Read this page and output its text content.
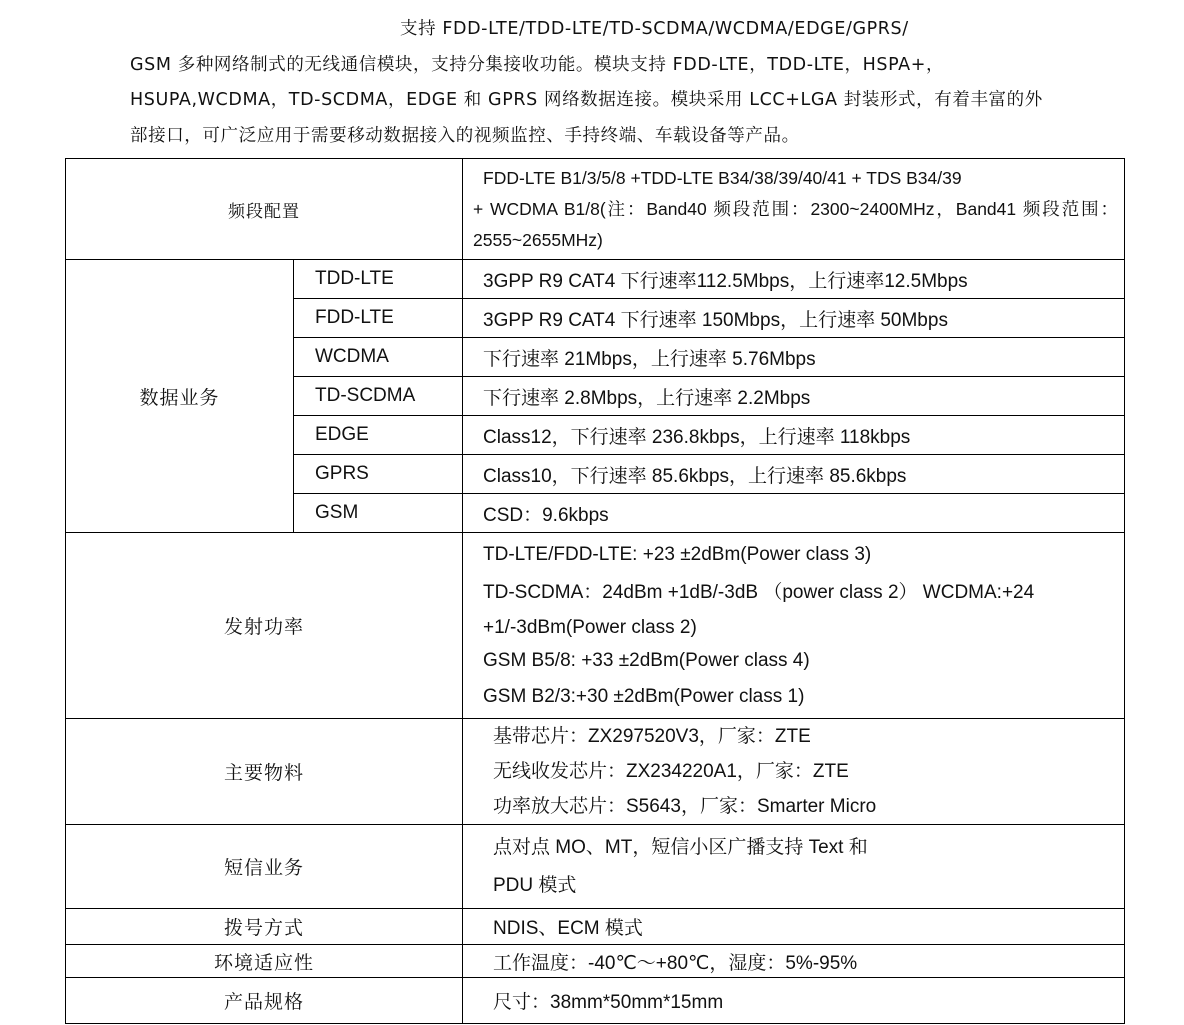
支持 FDD-LTE/TDD-LTE/TD-SCDMA/WCDMA/EDGE/GPRS/
GSM 多种网络制式的无线通信模块，支持分集接收功能。模块支持 FDD-LTE，TDD-LTE，HSPA+，
HSUPA,WCDMA，TD-SCDMA，EDGE 和 GPRS 网络数据连接。模块采用 LCC+LGA 封装形式，有着丰富的外
部接口，可广泛应用于需要移动数据接入的视频监控、手持终端、车载设备等产品。
频段配置		FDD-LTE B1/3/5/8 +TDD-LTE B34/38/39/40/41 + TDS B34/39
+ WCDMA B1/8(注：Band40 频段范围：2300~2400MHz，Band41 频段范围：2555~2655MHz)

数据业务	TDD-LTE	3GPP R9 CAT4 下行速率112.5Mbps，上行速率12.5Mbps
	FDD-LTE	3GPP R9 CAT4 下行速率 150Mbps，上行速率 50Mbps
	WCDMA	下行速率 21Mbps，上行速率 5.76Mbps
	TD-SCDMA	下行速率 2.8Mbps，上行速率 2.2Mbps
	EDGE	Class12，下行速率 236.8kbps，上行速率 118kbps
	GPRS	Class10，下行速率 85.6kbps，上行速率 85.6kbps
	GSM	CSD：9.6kbps
发射功率		TD-LTE/FDD-LTE: +23 ±2dBm(Power class 3)
TD-SCDMA：24dBm +1dB/-3dB （power class 2） WCDMA:+24
+1/-3dBm(Power class 2)
GSM B5/8: +33 ±2dBm(Power class 4)
GSM B2/3:+30 ±2dBm(Power class 1)

主要物料		基带芯片：ZX297520V3，厂家：ZTE
无线收发芯片：ZX234220A1，厂家：ZTE
功率放大芯片：S5643，厂家：Smarter Micro

短信业务		点对点 MO、MT，短信小区广播支持 Text 和
PDU 模式

拨号方式		NDIS、ECM 模式
环境适应性		工作温度：-40℃～+80℃，湿度：5%-95%
产品规格		尺寸：38mm*50mm*15mm
